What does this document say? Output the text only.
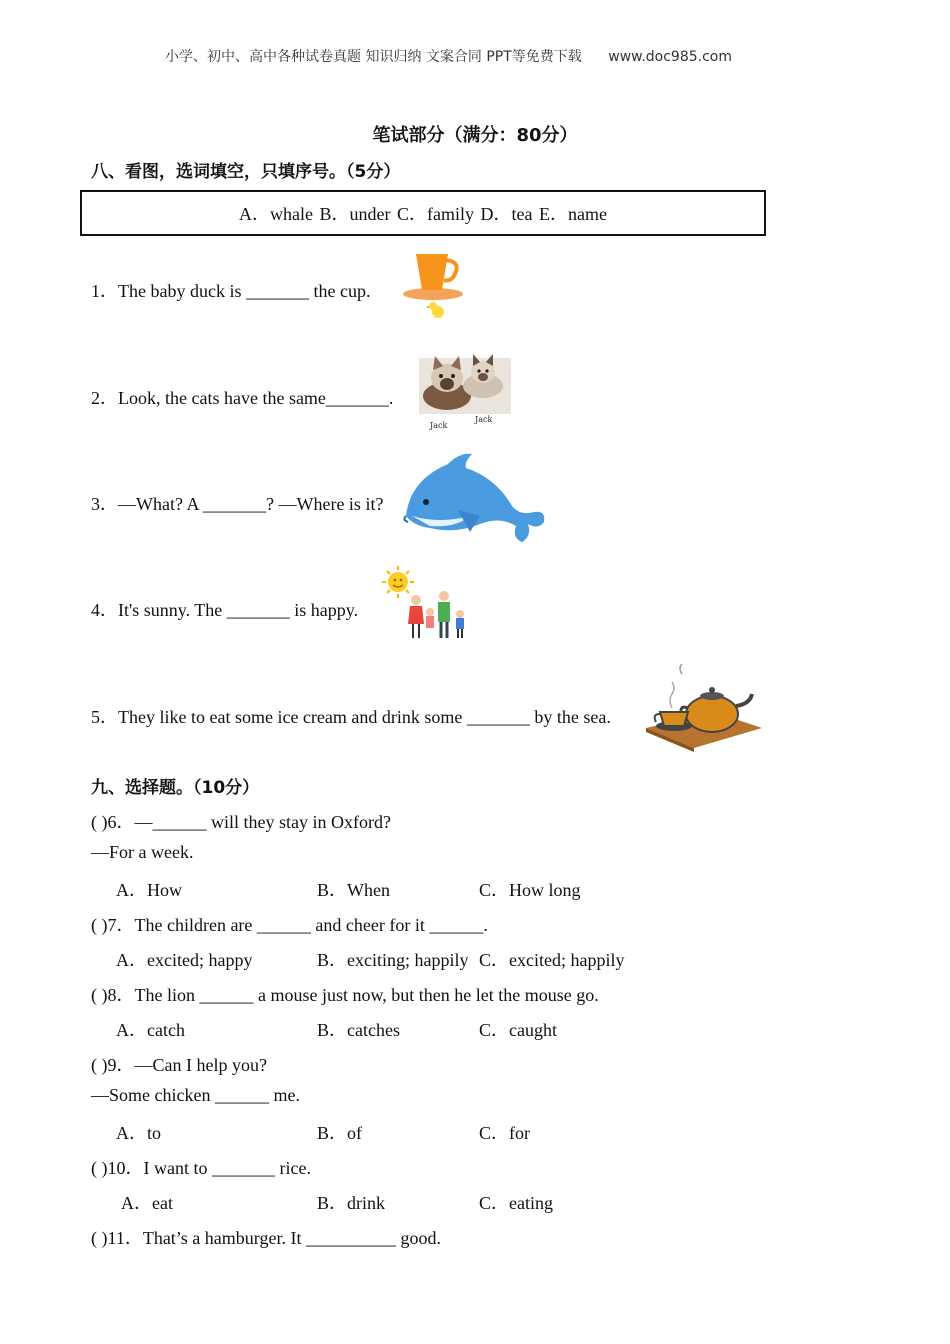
小学、初中、高中各种试卷真题 知识归纳 文案合同 PPT等免费下载 www.doc985.com
笔试部分（满分：80分）
八、看图，选词填空，只填序号。（5分）
A．whale B．under C．family D．tea E．name
1．The baby duck is _______ the cup.
2．Look, the cats have the same_______.
3．—What? A _______? —Where is it?
4．It's sunny. The _______ is happy.
5．They like to eat some ice cream and drink some _______ by the sea.
Jack
Jack
九、选择题。（10分）
( )6．—______ will they stay in Oxford?
—For a week.
A．How	B．When	C．How long
( )7．The children are ______ and cheer for it ______.
A．excited; happy	B．exciting; happily C．excited; happily
( )8．The lion ______ a mouse just now, but then he let the mouse go.
A．catch	B．catches	C．caught
( )9．—Can I help you?
—Some chicken ______ me.
A．to	B．of	C．for
( )10．I want to _______ rice.
A．eat	B．drink	C．eating
( )11．That’s a hamburger. It __________ good.
